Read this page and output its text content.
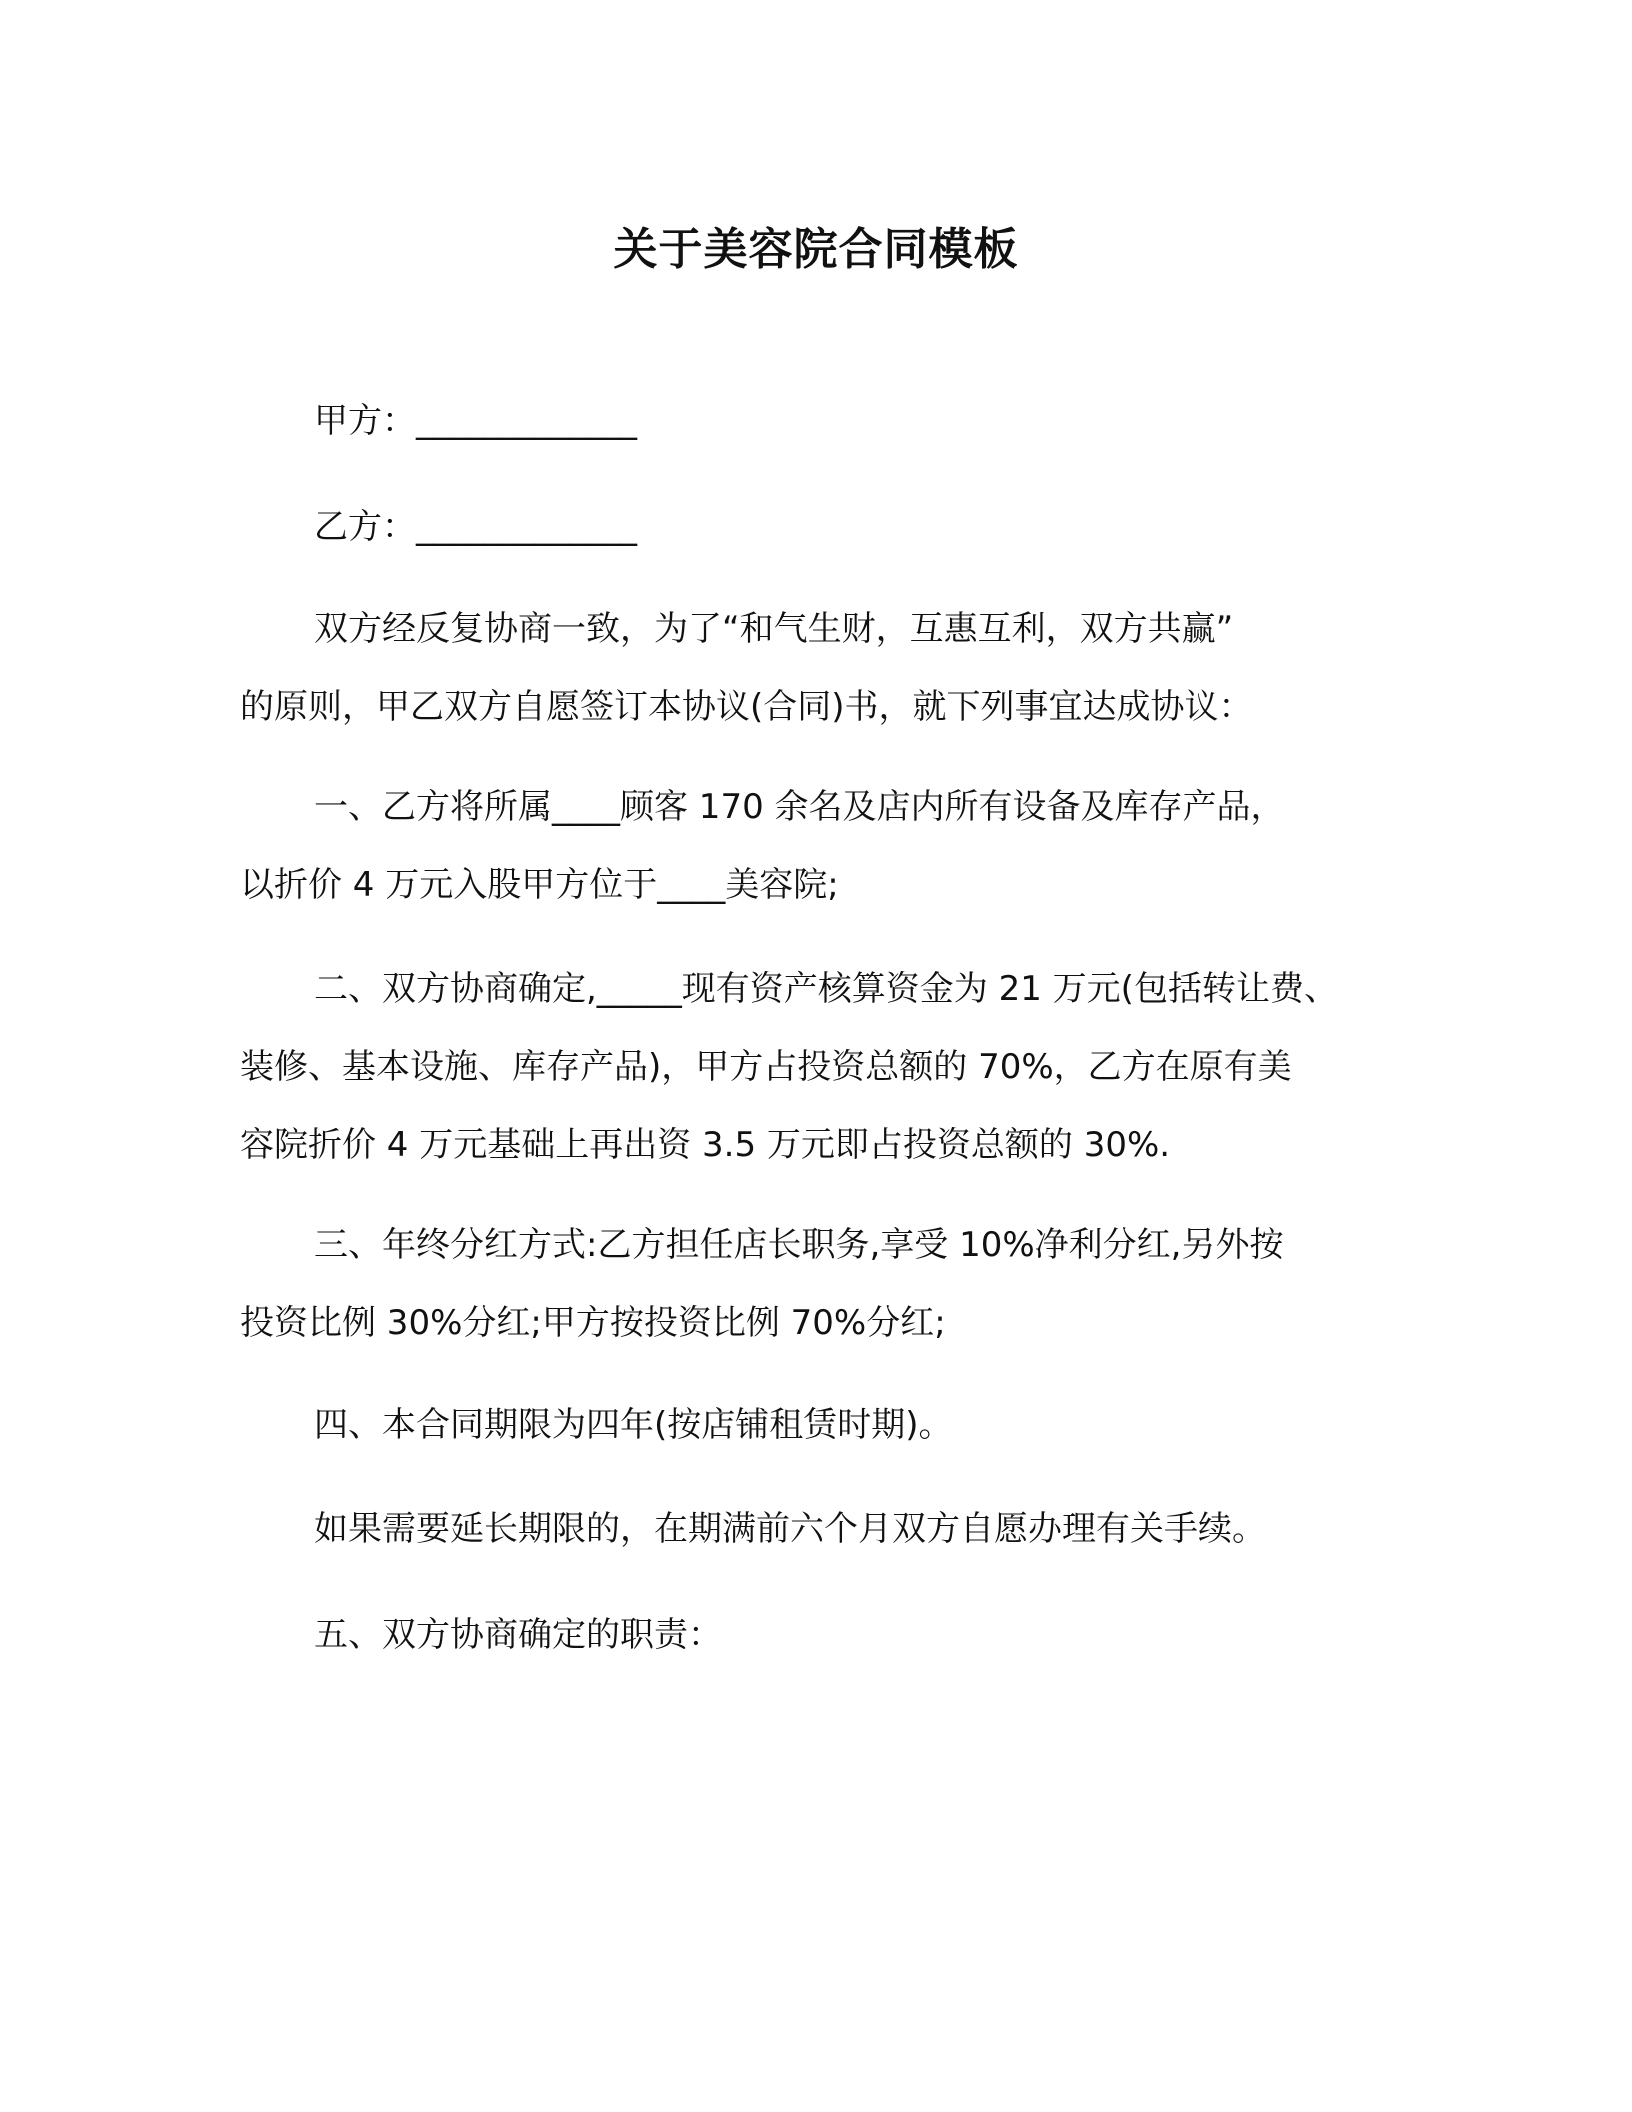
关于美容院合同模板

甲方：_____________

乙方：_____________

双方经反复协商一致，为了“和气生财，互惠互利，双方共赢”
的原则，甲乙双方自愿签订本协议(合同)书，就下列事宜达成协议：

一、乙方将所属____顾客 170 余名及店内所有设备及库存产品，
以折价 4 万元入股甲方位于____美容院;

二、双方协商确定,_____现有资产核算资金为 21 万元(包括转让费、
装修、基本设施、库存产品)，甲方占投资总额的 70%，乙方在原有美
容院折价 4 万元基础上再出资 3.5 万元即占投资总额的 30%.

三、年终分红方式:乙方担任店长职务,享受 10%净利分红,另外按
投资比例 30%分红;甲方按投资比例 70%分红;

四、本合同期限为四年(按店铺租赁时期)。

如果需要延长期限的，在期满前六个月双方自愿办理有关手续。

五、双方协商确定的职责：
